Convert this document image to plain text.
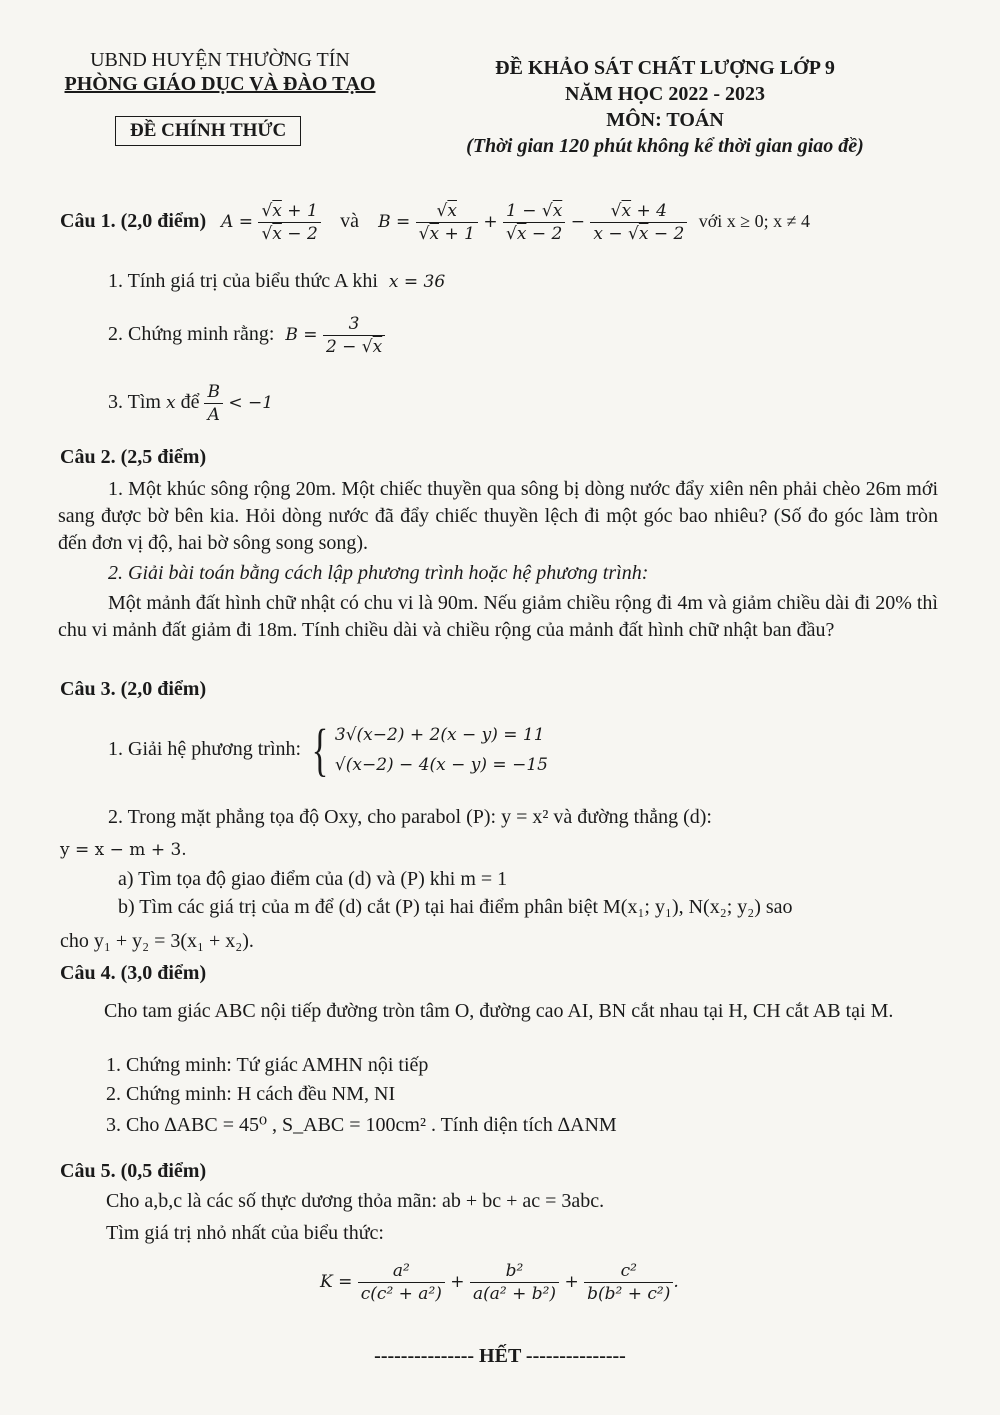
UBND HUYỆN THƯỜNG TÍN
PHÒNG GIÁO DỤC VÀ ĐÀO TẠO
ĐỀ CHÍNH THỨC
ĐỀ KHẢO SÁT CHẤT LƯỢNG LỚP 9
NĂM HỌC 2022 - 2023
MÔN: TOÁN
(Thời gian 120 phút không kể thời gian giao đề)
Câu 1. (2,0 điểm) $A = \frac{√x + 1}{√x - 2}$ và $B = \frac{√x}{√x + 1} + \frac{1 - √x}{√x - 2} - \frac{√x + 4}{x - √x - 2}$ với x ≥ 0; x ≠ 4
1. Tính giá trị của biểu thức A khi x = 36
2. Chứng minh rằng: $B = \frac{3}{2 - √x}$
3. Tìm x để $\frac{B}{A} < -1$
Câu 2. (2,5 điểm)
1. Một khúc sông rộng 20m. Một chiếc thuyền qua sông bị dòng nước đẩy xiên nên phải chèo 26m mới sang được bờ bên kia. Hỏi dòng nước đã đẩy chiếc thuyền lệch đi một góc bao nhiêu? (Số đo góc làm tròn đến đơn vị độ, hai bờ sông song song).
2. Giải bài toán bằng cách lập phương trình hoặc hệ phương trình:
Một mảnh đất hình chữ nhật có chu vi là 90m. Nếu giảm chiều rộng đi 4m và giảm chiều dài đi 20% thì chu vi mảnh đất giảm đi 18m. Tính chiều dài và chiều rộng của mảnh đất hình chữ nhật ban đầu?
Câu 3. (2,0 điểm)
1. Giải hệ phương trình: { 3√(x−2) + 2(x − y) = 11
√(x−2) − 4(x − y) = −15
2. Trong mặt phẳng tọa độ Oxy, cho parabol (P): y = x² và đường thẳng (d):
y = x − m + 3.
a) Tìm tọa độ giao điểm của (d) và (P) khi m = 1
b) Tìm các giá trị của m để (d) cắt (P) tại hai điểm phân biệt M(x₁; y₁), N(x₂; y₂) sao
cho y₁ + y₂ = 3(x₁ + x₂).
Câu 4. (3,0 điểm)
Cho tam giác ABC nội tiếp đường tròn tâm O, đường cao AI, BN cắt nhau tại H, CH cắt AB tại M.
1. Chứng minh: Tứ giác AMHN nội tiếp
2. Chứng minh: H cách đều NM, NI
3. Cho ∆ABC = 45⁰ , S_ABC = 100cm² . Tính diện tích ∆ANM
Câu 5. (0,5 điểm)
Cho a,b,c là các số thực dương thỏa mãn: ab + bc + ac = 3abc.
Tìm giá trị nhỏ nhất của biểu thức:
$K = \frac{\text{a²}}{\text{c(c² + a²)}} + \frac{\text{b²}}{\text{a(a² + b²)}} + \frac{\text{c²}}{\text{b(b² + c²)}}$ .
--------------- HẾT ---------------
